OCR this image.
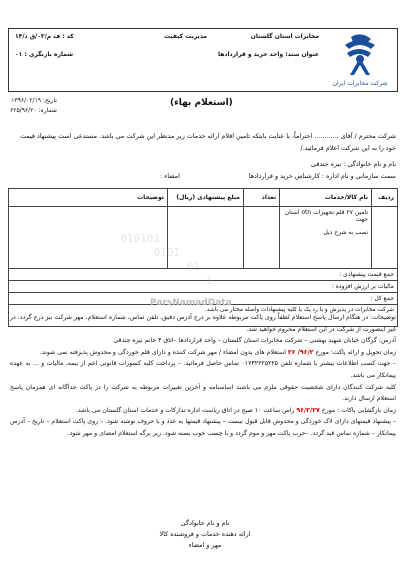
شرکت مخابرات ایران
مخابرات استان گلستان
مدیریت کیفیت
کد : ف م/۰۳/ق د/۱۴
عنوان سند: واحد خرید و قراردادها
شماره بازنگری : ۰۱
تاریخ: ۱۳۹۶/۰۲/۱۹
شماره: ۶۲۵/۹۶/۲۰
(استعلام بهاء)
شرکت محترم / آقای ............ احتراماً، با عنایت بایتکه تامین اقلام ارائه خدمات زیر مدنظر این شرکت می باشد. مستدعی است پیشنهاد قیمت خود را به این شرکت اعلام فرمائید./
نام و نام خانوادگی : نیره جندقی
سمت سازمانی و نام اداره : کارشناس خرید و قراردادها
امضاء :
ردیف	نام کالا/خدمات	تعداد	مبلغ پیشنهادی (ریال)	توضیحات

	تامین ۲۷ قلم تجهیزات otn استان جهت
نصب به شرح ذیل			

جمع قیمت پیشنهادی :				
مالیات بر ارزش افزوده :				
جمع کل :				
شرکت مخابرات در پذیرش و یا رد یک یا کلیه پیشنهادات واصله مختار می باشد.				
010101
0101
01
1
ParsNamadData
توضیحات: در هنگام ارسال پاسخ استعلام لطفاً روی پاکت مربوطه علاوه بر درج آدرس دقیق، تلفن تماس، شماره استعلام، مهر شرکت نیز درج گردد. در غیر اینصورت از شرکت در این استعلام محروم خواهید شد.
آدرس: گرگان خیابان شهید بهشتی – شرکت مخابرات استان گلستان – واحد قراردادها –اتاق ۴ خانم نیره جندقی
زمان تحویل و ارائه پاکت: مورخ ۹۶/۲/ ۲۶ استعلام های بدون امضاء / مهر شرکت کننده و دارای قلم خوردگی و مخدوش پذیرفته نمی شوند.
– جهت کسب اطلاعات بیشتر با شماره تلفن ۰۱۷۳۲۲۲۵۲۲۵ تماس حاصل فرمائید. – پرداخت کلیه کسورات قانونی اعم از بیمه، مالیات و ... به عهده پیمانکار می باشد.
کلیه شرکت کنندگان دارای شخصیت حقوقی ملزم می باشند اساسنامه و آخرین تغییرات مربوطه به شرکت را در پاکت جداگانه ای همزمان پاسخ استعلام ارسال دارند.
زمان بازگشایی پاکات : مورخ ۹۶/۲/۲۷ راس ساعت ۱۰ صبح در اتاق ریاست اداره تدارکات و خدمات استان گلستان می باشد.
– پیشنهاد قیمتهای دارای لاک خوردگی و مخدوش قابل قبول نیست – پیشنهاد قیمتها به عدد و با حروف نوشته شود. – روی پاکت استعلام – تاریخ – آدرس پیمانکار – شماره تماس قید گردد. –حرب پاکت مهر و موم گردد و با چسب خوب بسته شود. زیر برگه استعلام امضای و مهر شود.
نام و نام خانوادگی
ارائه دهنده خدمات و فروشنده کالا
مهر و امضاء
